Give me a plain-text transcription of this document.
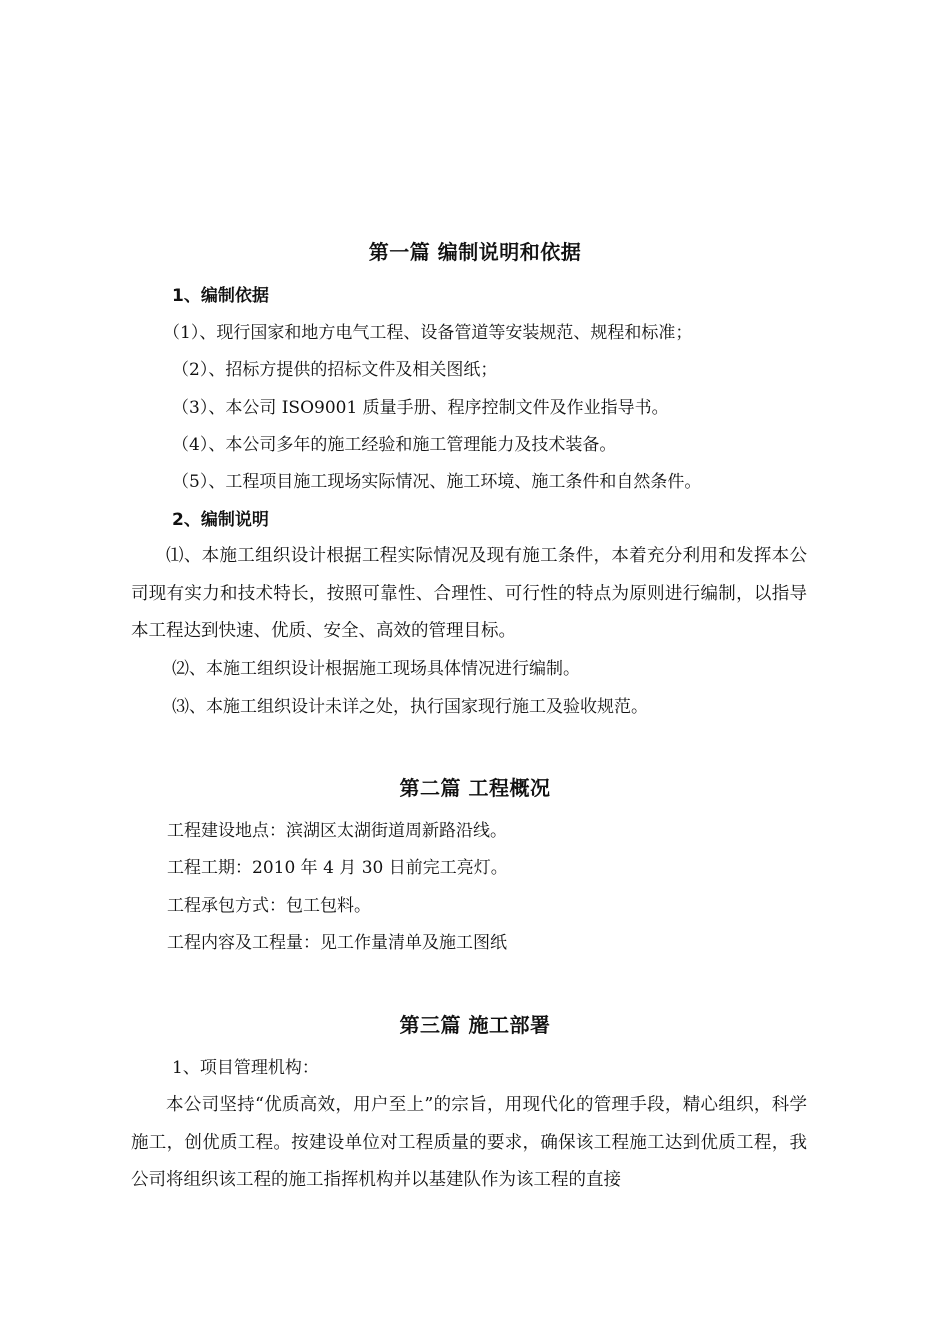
第一篇 编制说明和依据
1、编制依据
（1）、现行国家和地方电气工程、设备管道等安装规范、规程和标准；
（2）、招标方提供的招标文件及相关图纸；
（3）、本公司 ISO9001 质量手册、程序控制文件及作业指导书。
（4）、本公司多年的施工经验和施工管理能力及技术装备。
（5）、工程项目施工现场实际情况、施工环境、施工条件和自然条件。
2、编制说明
⑴、本施工组织设计根据工程实际情况及现有施工条件，本着充分利用和发挥本公司现有实力和技术特长，按照可靠性、合理性、可行性的特点为原则进行编制，以指导本工程达到快速、优质、安全、高效的管理目标。
⑵、本施工组织设计根据施工现场具体情况进行编制。
⑶、本施工组织设计未详之处，执行国家现行施工及验收规范。
第二篇 工程概况
工程建设地点：滨湖区太湖街道周新路沿线。
工程工期：2010 年 4 月 30 日前完工亮灯。
工程承包方式：包工包料。
工程内容及工程量：见工作量清单及施工图纸
第三篇 施工部署
1、项目管理机构：
本公司坚持“优质高效，用户至上”的宗旨，用现代化的管理手段，精心组织，科学施工，创优质工程。按建设单位对工程质量的要求，确保该工程施工达到优质工程，我公司将组织该工程的施工指挥机构并以基建队作为该工程的直接
